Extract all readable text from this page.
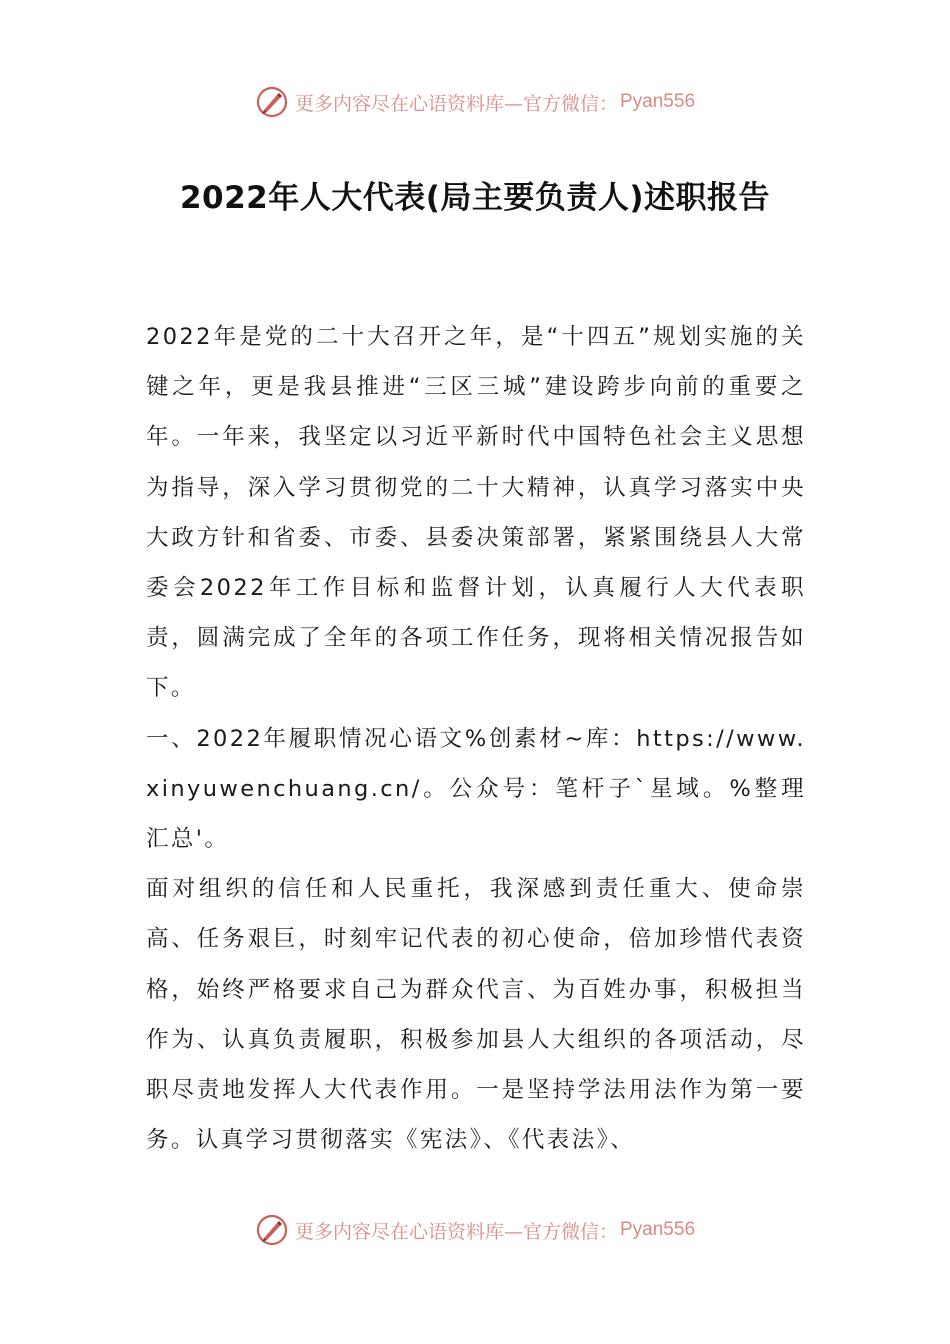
更多内容尽在心语资料库—官方微信： Pyan556
2022年人大代表(局主要负责人)述职报告

2022年是党的二十大召开之年，是“十四五”规划实施的关键之年，更是我县推进“三区三城”建设跨步向前的重要之年。一年来，我坚定以习近平新时代中国特色社会主义思想为指导，深入学习贯彻党的二十大精神，认真学习落实中央大政方针和省委、市委、县委决策部署，紧紧围绕县人大常委会2022年工作目标和监督计划，认真履行人大代表职责，圆满完成了全年的各项工作任务，现将相关情况报告如下。

一、2022年履职情况心语文%创素材~库：https://www.xinyuwenchuang.cn/。公众号：笔杆子`星域。%整理汇总'。

面对组织的信任和人民重托，我深感到责任重大、使命崇高、任务艰巨，时刻牢记代表的初心使命，倍加珍惜代表资格，始终严格要求自己为群众代言、为百姓办事，积极担当作为、认真负责履职，积极参加县人大组织的各项活动，尽职尽责地发挥人大代表作用。一是坚持学法用法作为第一要务。认真学习贯彻落实《宪法》、《代表法》、

更多内容尽在心语资料库—官方微信： Pyan556
